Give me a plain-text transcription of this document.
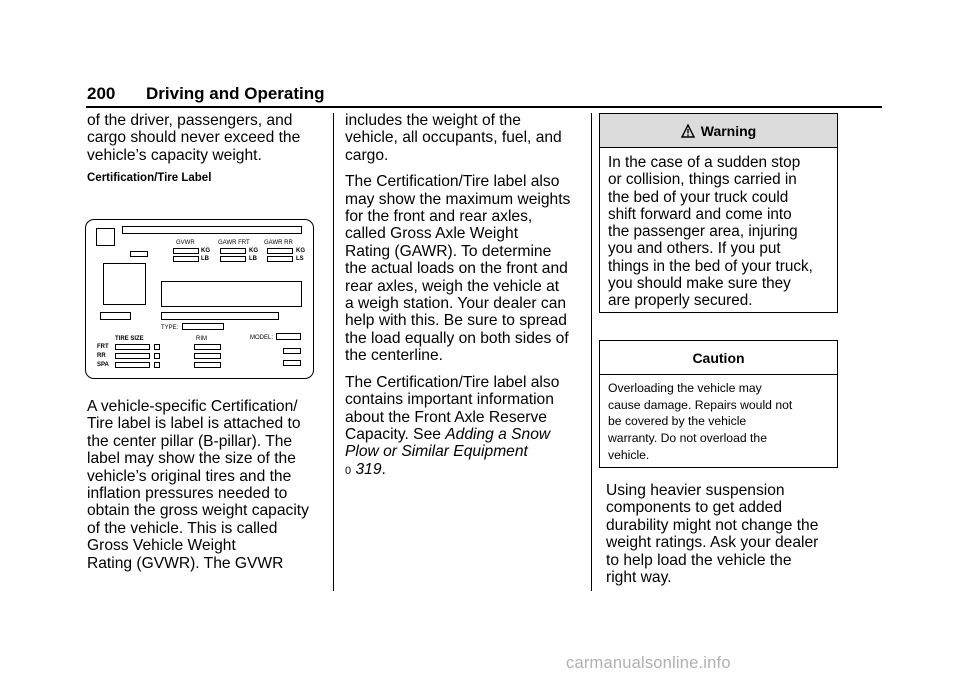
200 Driving and Operating

of the driver, passengers, and
cargo should never exceed the
vehicle’s capacity weight.

Certification/Tire Label
GVWR	GAWR FRT GAWR RR
KG
LB
KG
LB
KG
LS
TYPE:
TIRE SIZE	RIM	MODEL:
FRT
RR
SPA

A vehicle-specific Certification/
Tire label is label is attached to
the center pillar (B-pillar). The
label may show the size of the
vehicle’s original tires and the
inflation pressures needed to
obtain the gross weight capacity
of the vehicle. This is called
Gross Vehicle Weight
Rating (GVWR). The GVWR

includes the weight of the
vehicle, all occupants, fuel, and
cargo.

The Certification/Tire label also
may show the maximum weights
for the front and rear axles,
called Gross Axle Weight
Rating (GAWR). To determine
the actual loads on the front and
rear axles, weigh the vehicle at
a weigh station. Your dealer can
help with this. Be sure to spread
the load equally on both sides of
the centerline.

The Certification/Tire label also
contains important information
about the Front Axle Reserve
Capacity. See Adding a Snow
Plow or Similar Equipment
0 319.

Warning
In the case of a sudden stop
or collision, things carried in
the bed of your truck could
shift forward and come into
the passenger area, injuring
you and others. If you put
things in the bed of your truck,
you should make sure they
are properly secured.
Caution
Overloading the vehicle may
cause damage. Repairs would not
be covered by the vehicle
warranty. Do not overload the
vehicle.

Using heavier suspension
components to get added
durability might not change the
weight ratings. Ask your dealer
to help load the vehicle the
right way.

carmanualsonline.info
